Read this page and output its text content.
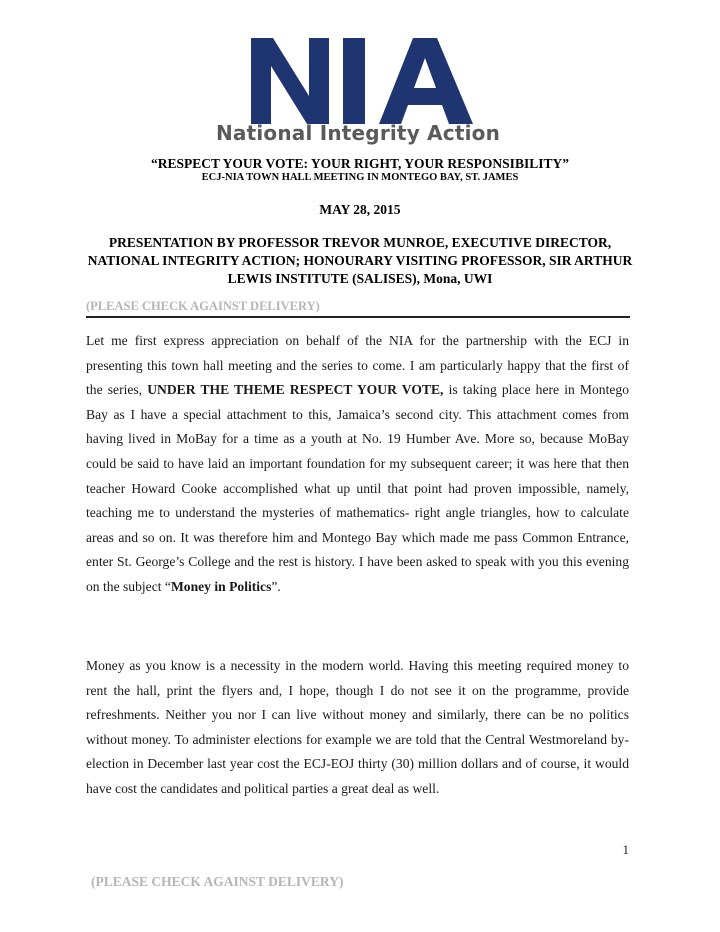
National Integrity Action
“RESPECT YOUR VOTE: YOUR RIGHT, YOUR RESPONSIBILITY”
ECJ-NIA TOWN HALL MEETING IN MONTEGO BAY, ST. JAMES
MAY 28, 2015
PRESENTATION BY PROFESSOR TREVOR MUNROE, EXECUTIVE DIRECTOR, NATIONAL INTEGRITY ACTION; HONOURARY VISITING PROFESSOR, SIR ARTHUR LEWIS INSTITUTE (SALISES), Mona, UWI
(PLEASE CHECK AGAINST DELIVERY)

Let me first express appreciation on behalf of the NIA for the partnership with the ECJ in presenting this town hall meeting and the series to come. I am particularly happy that the first of the series, UNDER THE THEME RESPECT YOUR VOTE, is taking place here in Montego Bay as I have a special attachment to this, Jamaica’s second city. This attachment comes from having lived in MoBay for a time as a youth at No. 19 Humber Ave. More so, because MoBay could be said to have laid an important foundation for my subsequent career; it was here that then teacher Howard Cooke accomplished what up until that point had proven impossible, namely, teaching me to understand the mysteries of mathematics- right angle triangles, how to calculate areas and so on. It was therefore him and Montego Bay which made me pass Common Entrance, enter St. George’s College and the rest is history. I have been asked to speak with you this evening on the subject “Money in Politics”.

Money as you know is a necessity in the modern world. Having this meeting required money to rent the hall, print the flyers and, I hope, though I do not see it on the programme, provide refreshments. Neither you nor I can live without money and similarly, there can be no politics without money. To administer elections for example we are told that the Central Westmoreland by-election in December last year cost the ECJ-EOJ thirty (30) million dollars and of course, it would have cost the candidates and political parties a great deal as well.

1
(PLEASE CHECK AGAINST DELIVERY)
